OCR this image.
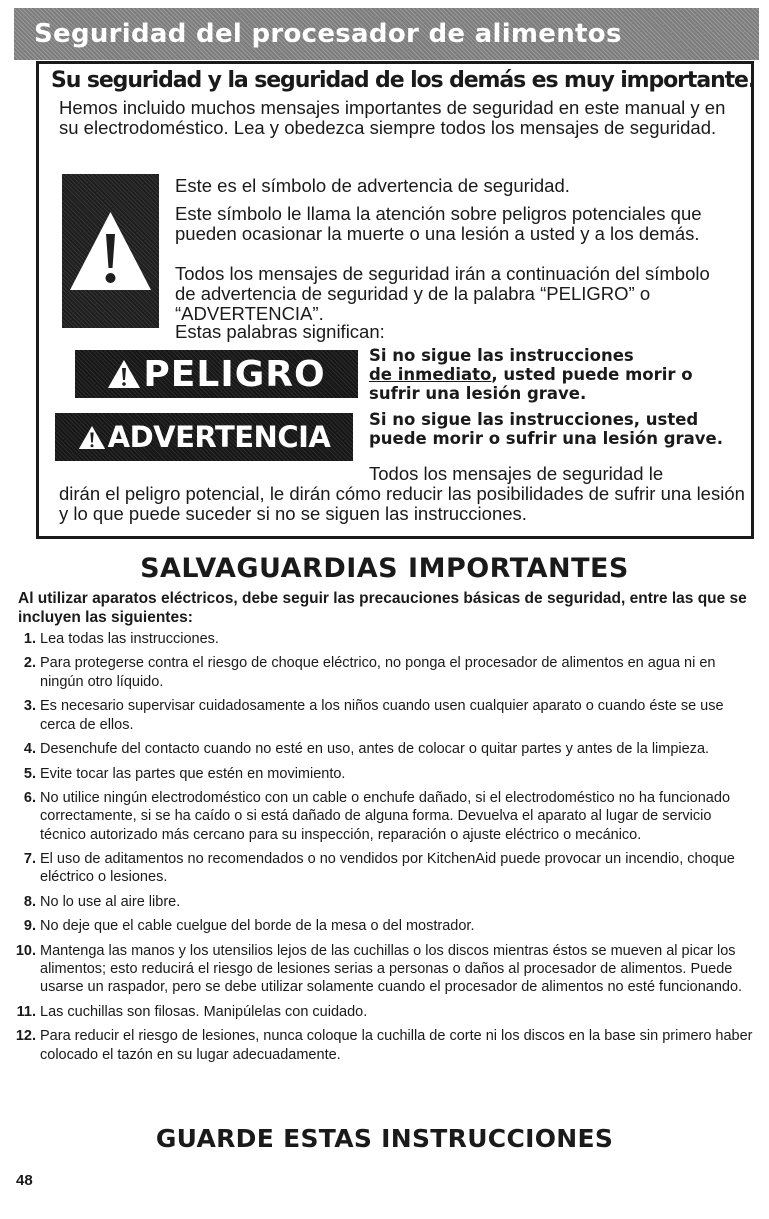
Seguridad del procesador de alimentos
Su seguridad y la seguridad de los demás es muy importante.

Hemos incluido muchos mensajes importantes de seguridad en este manual y en su electrodoméstico. Lea y obedezca siempre todos los mensajes de seguridad.

Este es el símbolo de advertencia de seguridad.

Este símbolo le llama la atención sobre peligros potenciales que pueden ocasionar la muerte o una lesión a usted y a los demás.

Todos los mensajes de seguridad irán a continuación del símbolo de advertencia de seguridad y de la palabra “PELIGRO” o “ADVERTENCIA”.

Estas palabras significan:

PELIGRO	Si no sigue las instrucciones
de inmediato, usted puede morir o sufrir una lesión grave.
ADVERTENCIA
Si no sigue las instrucciones, usted puede morir o sufrir una lesión grave.

Todos los mensajes de seguridad le

dirán el peligro potencial, le dirán cómo reducir las posibilidades de sufrir una lesión y lo que puede suceder si no se siguen las instrucciones.

SALVAGUARDIAS IMPORTANTES

Al utilizar aparatos eléctricos, debe seguir las precauciones básicas de seguridad, entre las que se incluyen las siguientes:

1. Lea todas las instrucciones.
2. Para protegerse contra el riesgo de choque eléctrico, no ponga el procesador de alimentos en agua ni en ningún otro líquido.
3. Es necesario supervisar cuidadosamente a los niños cuando usen cualquier aparato o cuando éste se use cerca de ellos.
4. Desenchufe del contacto cuando no esté en uso, antes de colocar o quitar partes y antes de la limpieza.
5. Evite tocar las partes que estén en movimiento.
6. No utilice ningún electrodoméstico con un cable o enchufe dañado, si el electrodoméstico no ha funcionado correctamente, si se ha caído o si está dañado de alguna forma. Devuelva el aparato al lugar de servicio técnico autorizado más cercano para su inspección, reparación o ajuste eléctrico o mecánico.
7. El uso de aditamentos no recomendados o no vendidos por KitchenAid puede provocar un incendio, choque eléctrico o lesiones.
8. No lo use al aire libre.
9. No deje que el cable cuelgue del borde de la mesa o del mostrador.
10. Mantenga las manos y los utensilios lejos de las cuchillas o los discos mientras éstos se mueven al picar los alimentos; esto reducirá el riesgo de lesiones serias a personas o daños al procesador de alimentos. Puede usarse un raspador, pero se debe utilizar solamente cuando el procesador de alimentos no esté funcionando.
11. Las cuchillas son filosas. Manipúlelas con cuidado.
12. Para reducir el riesgo de lesiones, nunca coloque la cuchilla de corte ni los discos en la base sin primero haber colocado el tazón en su lugar adecuadamente.
GUARDE ESTAS INSTRUCCIONES
48
